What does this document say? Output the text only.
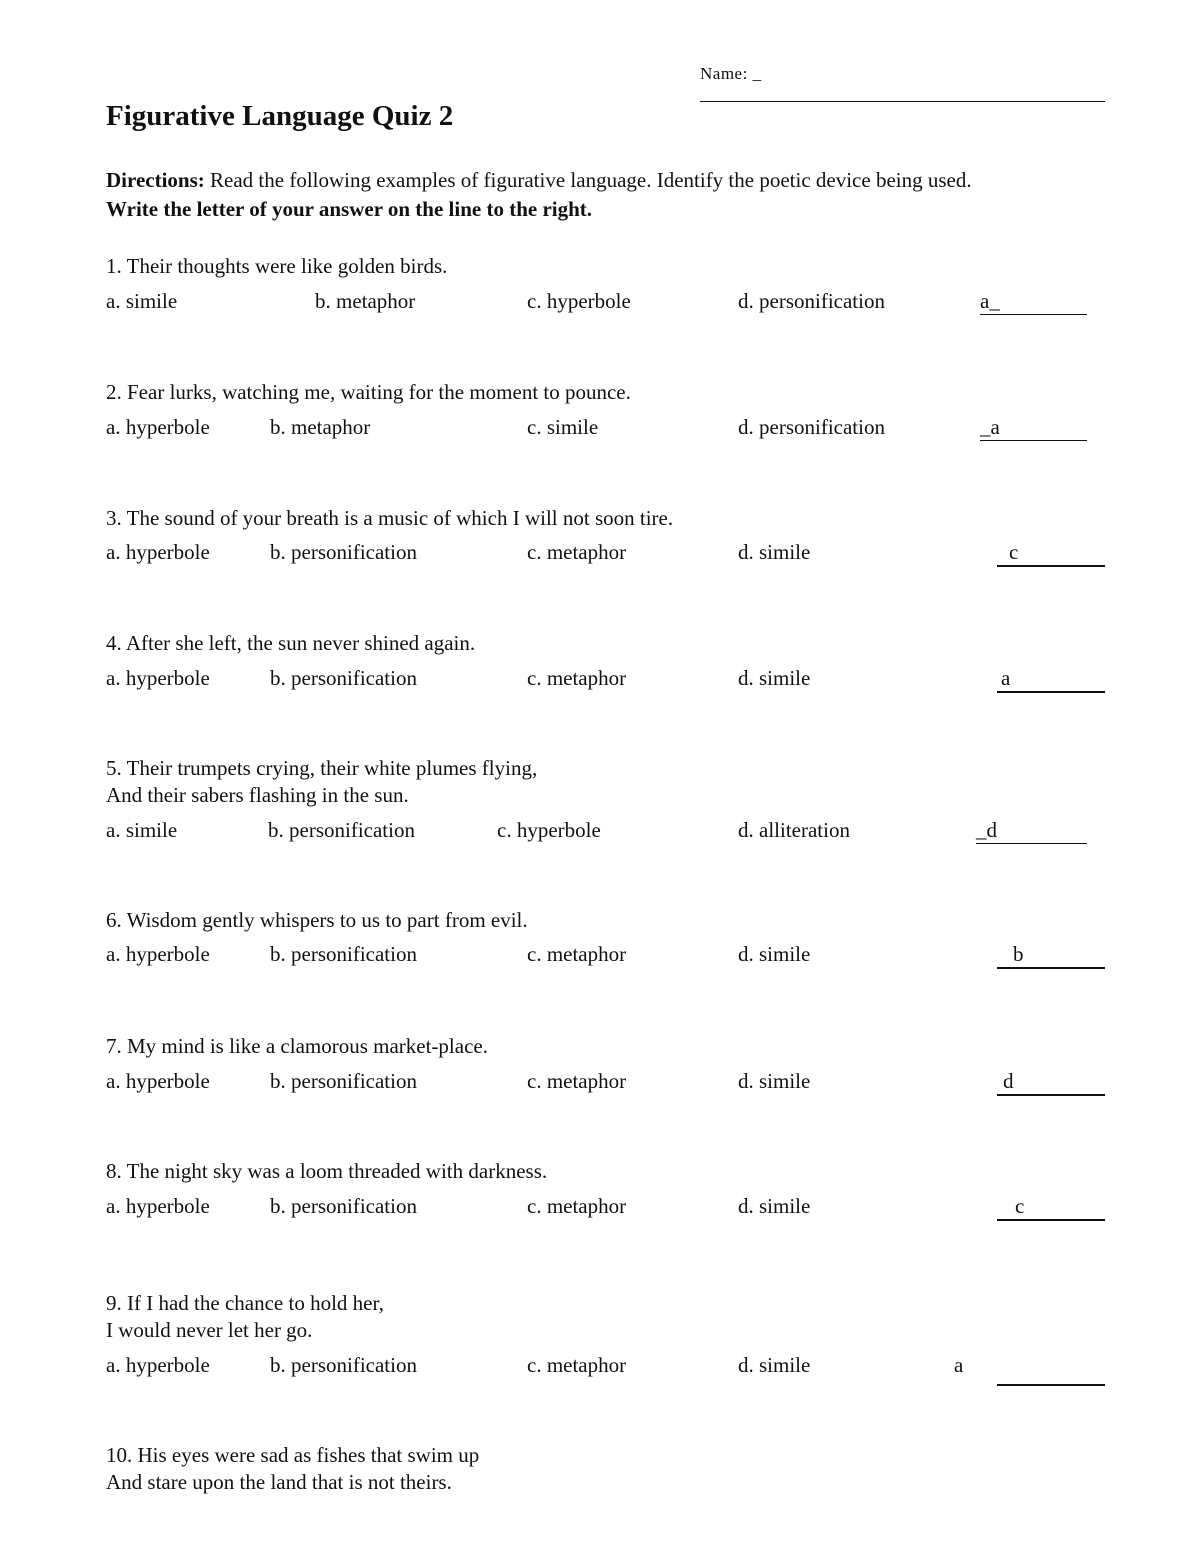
Name: _
Figurative Language Quiz 2
Directions: Read the following examples of figurative language. Identify the poetic device being used.
Write the letter of your answer on the line to the right.
1. Their thoughts were like golden birds.
a. simile	b. metaphor	c. hyperbole	d. personification	a_
2. Fear lurks, watching me, waiting for the moment to pounce.
a. hyperbole	b. metaphor	c. simile	d. personification	_a
3. The sound of your breath is a music of which I will not soon tire.
a. hyperbole	b. personification	c. metaphor	d. simile	c
4. After she left, the sun never shined again.
a. hyperbole	b. personification	c. metaphor	d. simile	a
5. Their trumpets crying, their white plumes flying,
And their sabers flashing in the sun.
a. simile	b. personification	c. hyperbole	d. alliteration	_d
6. Wisdom gently whispers to us to part from evil.
a. hyperbole	b. personification	c. metaphor	d. simile	b
7. My mind is like a clamorous market-place.
a. hyperbole	b. personification	c. metaphor	d. simile	d
8. The night sky was a loom threaded with darkness.
a. hyperbole	b. personification	c. metaphor	d. simile	c
9. If I had the chance to hold her,
I would never let her go.
a. hyperbole	b. personification	c. metaphor	d. simile	a
10. His eyes were sad as fishes that swim up
And stare upon the land that is not theirs.
